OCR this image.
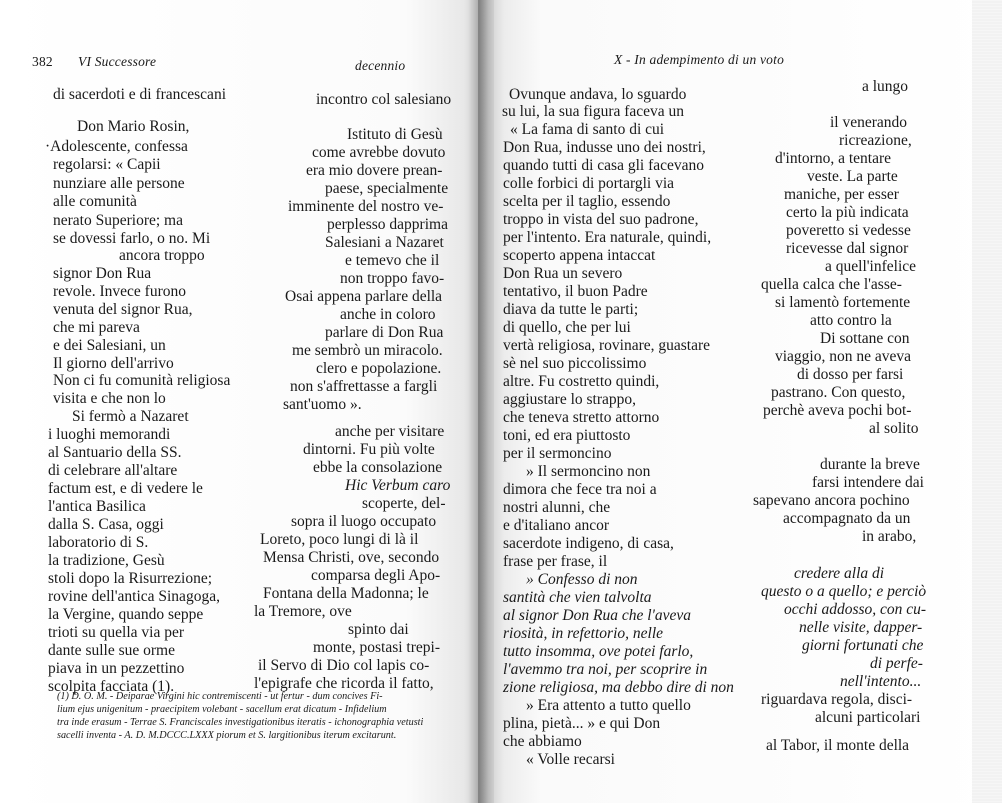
382 VI Successore	decennio
di sacerdoti e di francescani
Don Mario Rosin,
·Adolescente, confessa
regolarsi: « Capii
nunziare alle persone
alle comunità
nerato Superiore; ma
se dovessi farlo, o no. Mi
ancora troppo
signor Don Rua
revole. Invece furono
venuta del signor Rua,
che mi pareva
e dei Salesiani, un
Il giorno dell'arrivo
Non ci fu comunità religiosa
visita e che non lo
Si fermò a Nazaret
i luoghi memorandi
al Santuario della SS.
di celebrare all'altare
factum est, e di vedere le
l'antica Basilica
dalla S. Casa, oggi
laboratorio di S.
la tradizione, Gesù
stoli dopo la Risurrezione;
rovine dell'antica Sinagoga,
la Vergine, quando seppe
trioti su quella via per
dante sulle sue orme
piava in un pezzettino
scolpita facciata (1).
incontro col salesiano
Istituto di Gesù
come avrebbe dovuto
era mio dovere prean-
paese, specialmente
imminente del nostro ve-
perplesso dapprima
Salesiani a Nazaret
e temevo che il
non troppo favo-
Osai appena parlare della
anche in coloro
parlare di Don Rua
me sembrò un miracolo.
clero e popolazione.
non s'affrettasse a fargli
sant'uomo ».
anche per visitare
dintorni. Fu più volte
ebbe la consolazione
Hic Verbum caro
scoperte, del-
sopra il luogo occupato
Loreto, poco lungi di là il
Mensa Christi, ove, secondo
comparsa degli Apo-
Fontana della Madonna; le
la Tremore, ove
spinto dai
monte, postasi trepi-
il Servo di Dio col lapis co-
l'epigrafe che ricorda il fatto,
(1) D. O. M. - Deiparae Virgini hic contremiscenti - ut fertur - dum concives Fi-
lium ejus unigenitum - praecipitem volebant - sacellum erat dicatum - Infidelium
tra inde erasum - Terrae S. Franciscales investigationibus iteratis - ichonographia vetusti
sacelli inventa - A. D. M.DCCC.LXXX piorum et S. largitionibus iterum excitarunt.
X - In adempimento di un voto
Ovunque andava, lo sguardo
su lui, la sua figura faceva un
« La fama di santo di cui
Don Rua, indusse uno dei nostri,
quando tutti di casa gli facevano
colle forbici di portargli via
scelta per il taglio, essendo
troppo in vista del suo padrone,
per l'intento. Era naturale, quindi,
scoperto appena intaccat
Don Rua un severo
tentativo, il buon Padre
diava da tutte le parti;
di quello, che per lui
vertà religiosa, rovinare, guastare
sè nel suo piccolissimo
altre. Fu costretto quindi,
aggiustare lo strappo,
che teneva stretto attorno
toni, ed era piuttosto
per il sermoncino
» Il sermoncino non
dimora che fece tra noi a
nostri alunni, che
e d'italiano ancor
sacerdote indigeno, di casa,
frase per frase, il
» Confesso di non
santità che vien talvolta
al signor Don Rua che l'aveva
riosità, in refettorio, nelle
tutto insomma, ove potei farlo,
l'avemmo tra noi, per scoprire in
zione religiosa, ma debbo dire di non
» Era attento a tutto quello
plina, pietà... » e qui Don
che abbiamo
« Volle recarsi
a lungo
il venerando
ricreazione,
d'intorno, a tentare
veste. La parte
maniche, per esser
certo la più indicata
poveretto si vedesse
ricevesse dal signor
a quell'infelice
quella calca che l'asse-
si lamentò fortemente
atto contro la
Di sottane con
viaggio, non ne aveva
di dosso per farsi
pastrano. Con questo,
perchè aveva pochi bot-
al solito
durante la breve
farsi intendere dai
sapevano ancora pochino
accompagnato da un
in arabo,
credere alla di
questo o a quello; e perciò
occhi addosso, con cu-
nelle visite, dapper-
giorni fortunati che
di perfe-
nell'intento...
riguardava regola, disci-
alcuni particolari
al Tabor, il monte della
